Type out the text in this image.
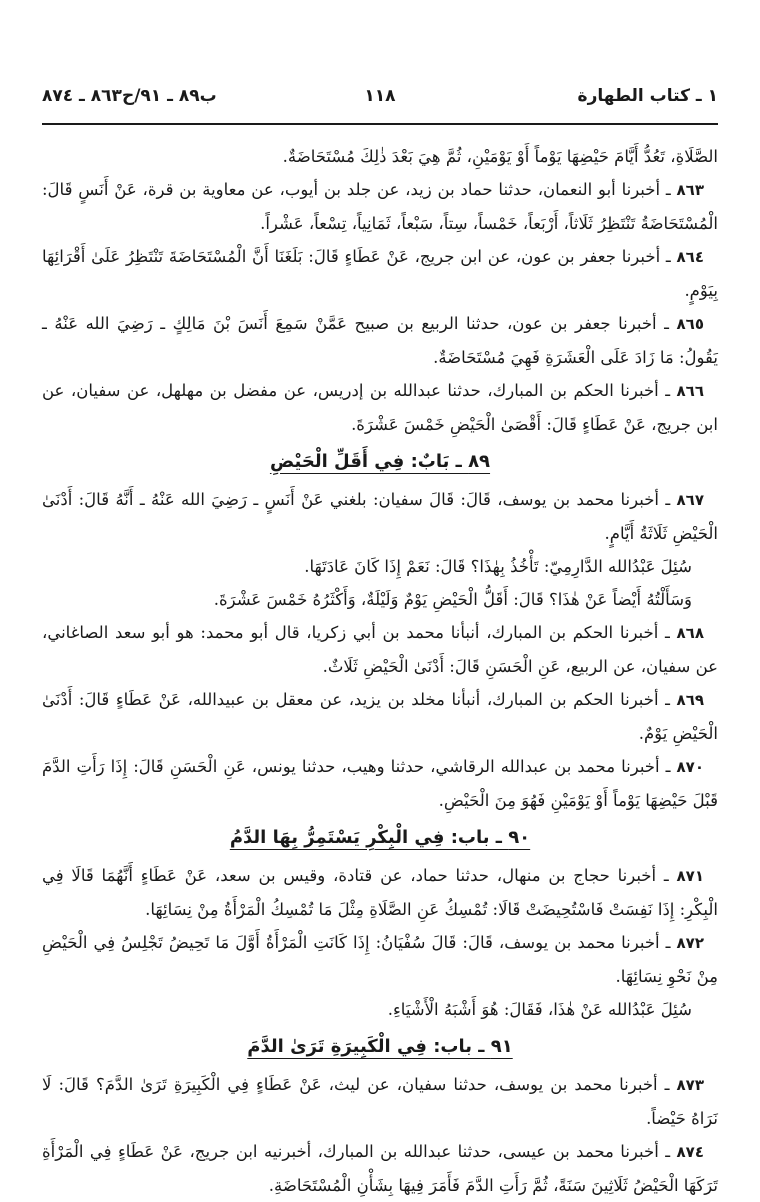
١ ـ كتاب الطهارة
١١٨
ب٨٩ ـ ٩١/ح٨٦٣ ـ ٨٧٤

الصَّلَاةِ، تَعُدُّ أَيَّامَ حَيْضِهَا يَوْماً أَوْ يَوْمَيْنِ، ثُمَّ هِيَ بَعْدَ ذٰلِكَ مُسْتَحَاضَةٌ.

٨٦٣ ـ أخبرنا أبو النعمان، حدثنا حماد بن زيد، عن جلد بن أيوب، عن معاوية بن قرة، عَنْ أَنَسٍ قَالَ: الْمُسْتَحَاضَةُ تَنْتَظِرُ ثَلَاثاً، أَرْبَعاً، خَمْساً، سِتاً، سَبْعاً، ثَمَانِياً، تِسْعاً، عَشْراً.

٨٦٤ ـ أخبرنا جعفر بن عون، عن ابن جريج، عَنْ عَطَاءٍ قَالَ: بَلَغَنَا أَنَّ الْمُسْتَحَاضَةَ تَنْتَظِرُ عَلَىٰ أَقْرَائِهَا بِيَوْمٍ.

٨٦٥ ـ أخبرنا جعفر بن عون، حدثنا الربيع بن صبيح عَمَّنْ سَمِعَ أَنَسَ بْنَ مَالِكٍ ـ رَضِيَ الله عَنْهُ ـ يَقُولُ: مَا زَادَ عَلَى الْعَشَرَةِ فَهِيَ مُسْتَحَاضَةٌ.

٨٦٦ ـ أخبرنا الحكم بن المبارك، حدثنا عبدالله بن إدريس، عن مفضل بن مهلهل، عن سفيان، عن ابن جريج، عَنْ عَطَاءٍ قَالَ: أَقْصَىٰ الْحَيْضِ خَمْسَ عَشْرَةَ.

٨٩ ـ بَابٌ: فِي أَقَلِّ الْحَيْضِ

٨٦٧ ـ أخبرنا محمد بن يوسف، قَالَ: قَالَ سفيان: بلغني عَنْ أَنَسٍ ـ رَضِيَ الله عَنْهُ ـ أَنَّهُ قَالَ: أَدْنَىٰ الْحَيْضِ ثَلَاثَةُ أَيَّامٍ.

سُئِلَ عَبْدُالله الدَّارِمِيّ: تَأْخُذُ بِهٰذَا؟ قَالَ: نَعَمْ إِذَا كَانَ عَادَتَهَا.

وَسَأَلْتُهُ أَيْضاً عَنْ هٰذَا؟ قَالَ: أَقَلُّ الْحَيْضِ يَوْمٌ وَلَيْلَةٌ، وَأَكْثَرُهُ خَمْسَ عَشْرَةَ.

٨٦٨ ـ أخبرنا الحكم بن المبارك، أنبأنا محمد بن أبي زكريا، قال أبو محمد: هو أبو سعد الصاغاني، عن سفيان، عن الربيع، عَنِ الْحَسَنِ قَالَ: أَدْنَىٰ الْحَيْضِ ثَلَاثٌ.

٨٦٩ ـ أخبرنا الحكم بن المبارك، أنبأنا مخلد بن يزيد، عن معقل بن عبيدالله، عَنْ عَطَاءٍ قَالَ: أَدْنَىٰ الْحَيْضِ يَوْمٌ.

٨٧٠ ـ أخبرنا محمد بن عبدالله الرقاشي، حدثنا وهيب، حدثنا يونس، عَنِ الْحَسَنِ قَالَ: إِذَا رَأَتِ الدَّمَ قَبْلَ حَيْضِهَا يَوْماً أَوْ يَوْمَيْنِ فَهُوَ مِنَ الْحَيْضِ.

٩٠ ـ باب: فِي الْبِكْرِ يَسْتَمِرُّ بِهَا الدَّمُ

٨٧١ ـ أخبرنا حجاج بن منهال، حدثنا حماد، عن قتادة، وقيس بن سعد، عَنْ عَطَاءٍ أَنَّهُمَا قَالَا فِي الْبِكْرِ: إِذَا نَفِسَتْ فَاسْتُحِيضَتْ قَالَا: تُمْسِكُ عَنِ الصَّلَاةِ مِثْلَ مَا تُمْسِكُ الْمَرْأَةُ مِنْ نِسَائِهَا.

٨٧٢ ـ أخبرنا محمد بن يوسف، قَالَ: قَالَ سُفْيَانُ: إِذَا كَانَتِ الْمَرْأَةُ أَوَّلَ مَا تَحِيضُ تَجْلِسُ فِي الْحَيْضِ مِنْ نَحْوِ نِسَائِهَا.

سُئِلَ عَبْدُالله عَنْ هٰذَا، فَقَالَ: هُوَ أَشْبَهُ الْأَشْيَاءِ.

٩١ ـ باب: فِي الْكَبِيرَةِ تَرَىٰ الدَّمَ

٨٧٣ ـ أخبرنا محمد بن يوسف، حدثنا سفيان، عن ليث، عَنْ عَطَاءٍ فِي الْكَبِيرَةِ تَرَىٰ الدَّمَ؟ قَالَ: لَا نَرَاهُ حَيْضاً.

٨٧٤ ـ أخبرنا محمد بن عيسى، حدثنا عبدالله بن المبارك، أخبرنيه ابن جريج، عَنْ عَطَاءٍ فِي الْمَرْأَةِ تَرَكَهَا الْحَيْضُ ثَلَاثِينَ سَنَةً، ثُمَّ رَأَتِ الدَّمَ فَأَمَرَ فِيهَا بِشَأْنِ الْمُسْتَحَاضَةِ.
